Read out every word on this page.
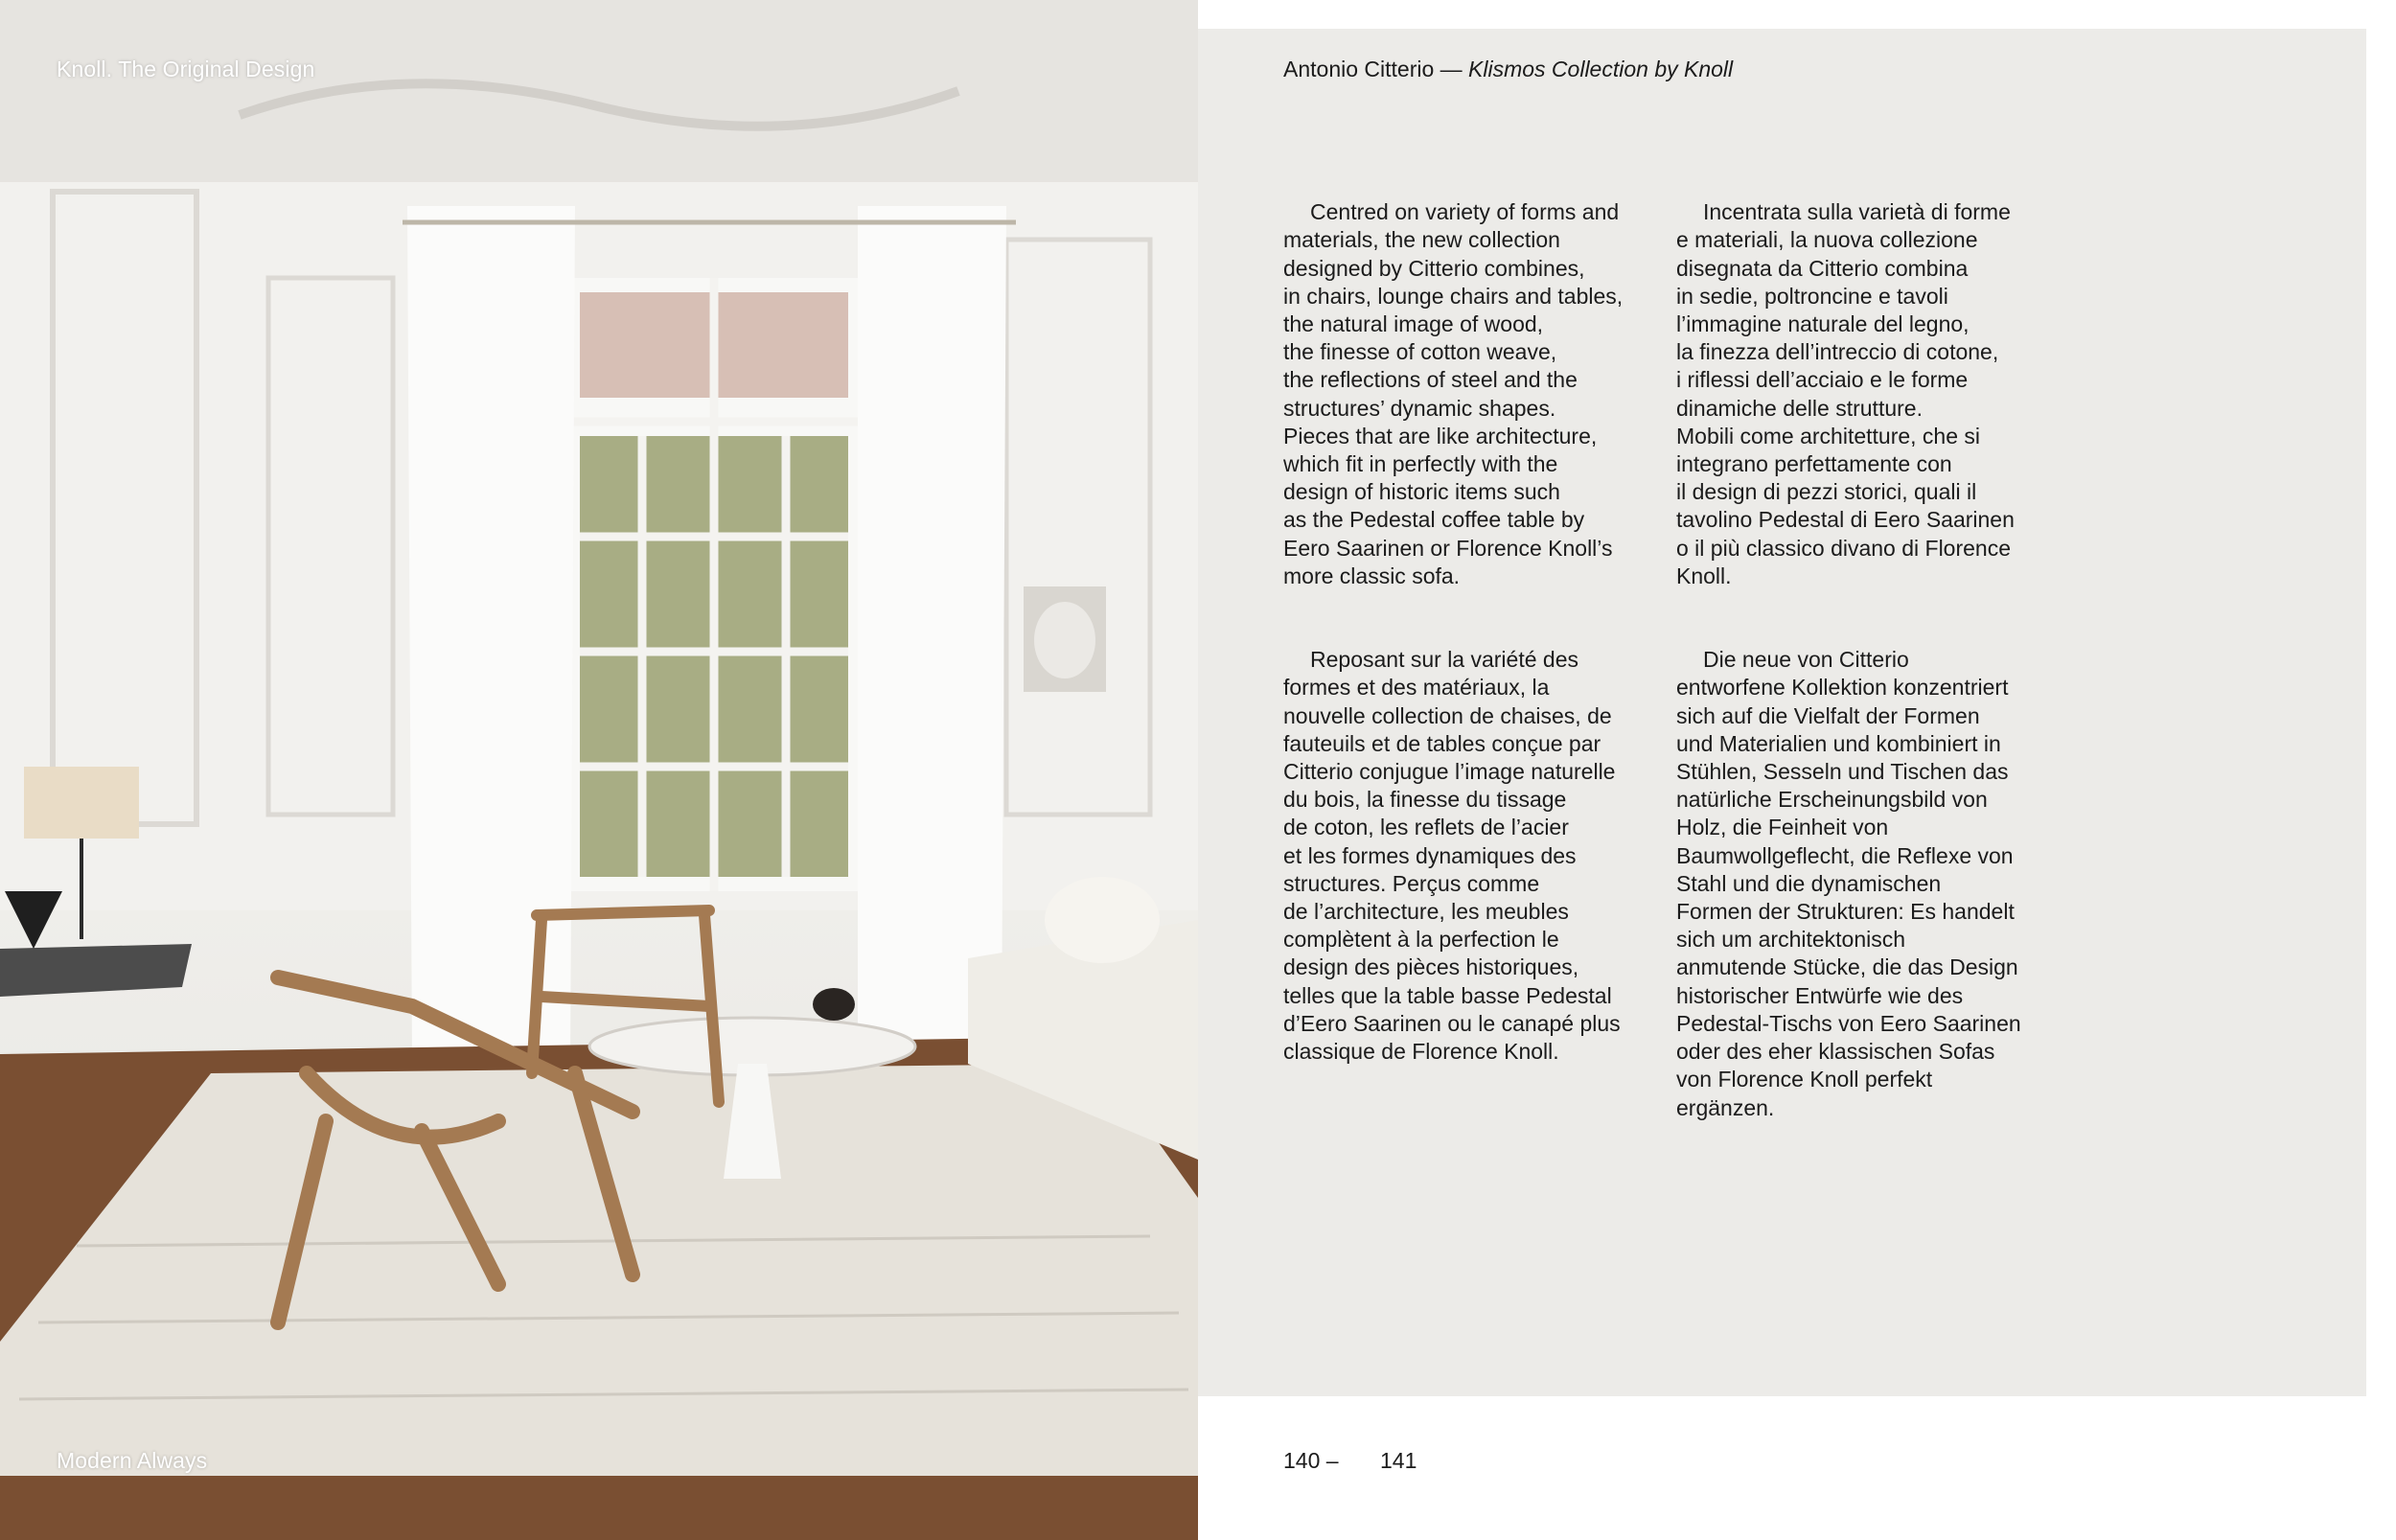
Knoll. The Original Design
Modern Always
Antonio Citterio — Klismos Collection by Knoll

Centred on variety of forms and
materials, the new collection
designed by Citterio combines,
in chairs, lounge chairs and tables,
the natural image of wood,
the finesse of cotton weave,
the reflections of steel and the
structures’ dynamic shapes.
Pieces that are like architecture,
which fit in perfectly with the
design of historic items such
as the Pedestal coffee table by
Eero Saarinen or Florence Knoll’s
more classic sofa.

Reposant sur la variété des
formes et des matériaux, la
nouvelle collection de chaises, de
fauteuils et de tables conçue par
Citterio conjugue l’image naturelle
du bois, la finesse du tissage
de coton, les reflets de l’acier
et les formes dynamiques des
structures. Perçus comme
de l’architecture, les meubles
complètent à la perfection le
design des pièces historiques,
telles que la table basse Pedestal
d’Eero Saarinen ou le canapé plus
classique de Florence Knoll.

Incentrata sulla varietà di forme
e materiali, la nuova collezione
disegnata da Citterio combina
in sedie, poltroncine e tavoli
l’immagine naturale del legno,
la finezza dell’intreccio di cotone,
i riflessi dell’acciaio e le forme
dinamiche delle strutture.
Mobili come architetture, che si
integrano perfettamente con
il design di pezzi storici, quali il
tavolino Pedestal di Eero Saarinen
o il più classico divano di Florence
Knoll.

Die neue von Citterio
entworfene Kollektion konzentriert
sich auf die Vielfalt der Formen
und Materialien und kombiniert in
Stühlen, Sesseln und Tischen das
natürliche Erscheinungsbild von
Holz, die Feinheit von
Baumwollgeflecht, die Reflexe von
Stahl und die dynamischen
Formen der Strukturen: Es handelt
sich um architektonisch
anmutende Stücke, die das Design
historischer Entwürfe wie des
Pedestal-Tischs von Eero Saarinen
oder des eher klassischen Sofas
von Florence Knoll perfekt
ergänzen.

140 – 141
